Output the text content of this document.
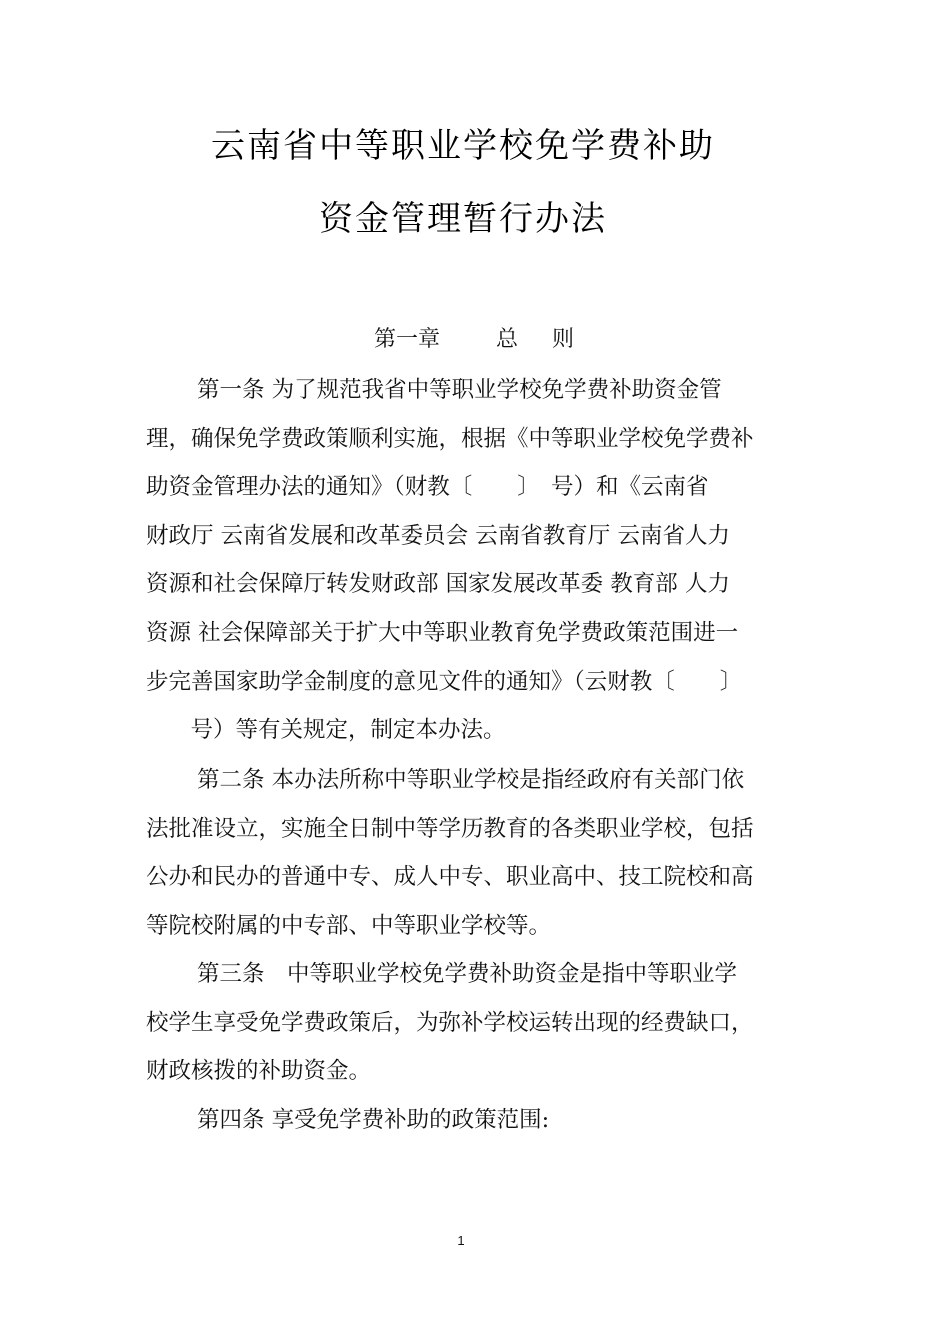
云南省中等职业学校免学费补助
资金管理暂行办法
第一章	总 则
第一条 为了规范我省中等职业学校免学费补助资金管
理，确保免学费政策顺利实施，根据《中等职业学校免学费补
助资金管理办法的通知》（财教〔　　〕　号）和《云南省
财政厅 云南省发展和改革委员会 云南省教育厅 云南省人力
资源和社会保障厅转发财政部 国家发展改革委 教育部 人力
资源 社会保障部关于扩大中等职业教育免学费政策范围进一
步完善国家助学金制度的意见文件的通知》（云财教〔　　〕
　号）等有关规定，制定本办法。
第二条 本办法所称中等职业学校是指经政府有关部门依
法批准设立，实施全日制中等学历教育的各类职业学校，包括
公办和民办的普通中专、成人中专、职业高中、技工院校和高
等院校附属的中专部、中等职业学校等。
第三条　中等职业学校免学费补助资金是指中等职业学
校学生享受免学费政策后，为弥补学校运转出现的经费缺口，
财政核拨的补助资金。
第四条 享受免学费补助的政策范围:
1
